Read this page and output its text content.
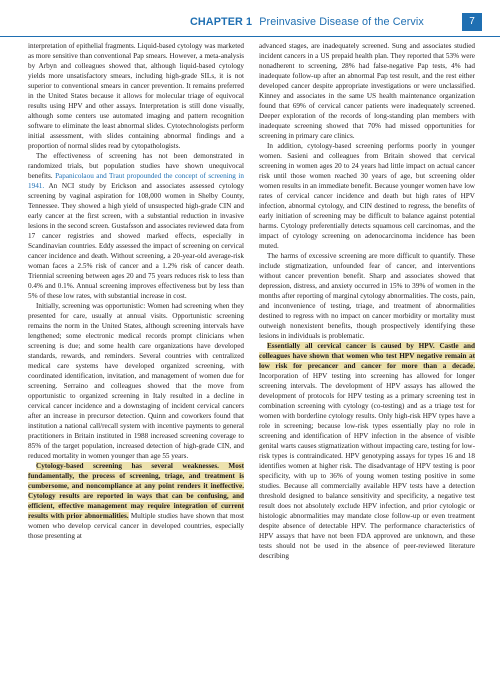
CHAPTER 1 Preinvasive Disease of the Cervix	7

interpretation of epithelial fragments. Liquid-based cytology was marketed as more sensitive than conventional Pap smears. However, a meta-analysis by Arbyn and colleagues showed that, although liquid-based cytology yields more unsatisfactory smears, including high-grade SILs, it is not superior to conventional smears in cancer prevention. It remains preferred in the United States because it allows for molecular triage of equivocal results using HPV and other assays. Interpretation is still done visually, although some centers use automated imaging and pattern recognition software to eliminate the least abnormal slides. Cytotechnologists perform initial assessment, with slides containing abnormal findings and a proportion of normal slides read by cytopathologists.

The effectiveness of screening has not been demonstrated in randomized trials, but population studies have shown unequivocal benefits. Papanicolaou and Traut propounded the concept of screening in 1941. An NCI study by Erickson and associates assessed cytology screening by vaginal aspiration for 108,000 women in Shelby County, Tennessee. They showed a high yield of unsuspected high-grade CIN and early cancer at the first screen, with a substantial reduction in invasive lesions in the second screen. Gustafsson and associates reviewed data from 17 cancer registries and showed marked effects, especially in Scandinavian countries. Eddy assessed the impact of screening on cervical cancer incidence and death. Without screening, a 20-year-old average-risk woman faces a 2.5% risk of cancer and a 1.2% risk of cancer death. Triennial screening between ages 20 and 75 years reduces risk to less than 0.4% and 0.1%. Annual screening improves effectiveness but by less than 5% of these low rates, with substantial increase in cost.

Initially, screening was opportunistic: Women had screening when they presented for care, usually at annual visits. Opportunistic screening remains the norm in the United States, although screening intervals have lengthened; some electronic medical records prompt clinicians when screening is due; and some health care organizations have developed standards, rewards, and reminders. Several countries with centralized medical care systems have developed organized screening, with coordinated identification, invitation, and management of women due for screening. Serraino and colleagues showed that the move from opportunistic to organized screening in Italy resulted in a decline in cervical cancer incidence and a downstaging of incident cervical cancers after an increase in precursor detection. Quinn and coworkers found that institution a national call/recall system with incentive payments to general practitioners in Britain instituted in 1988 increased screening coverage to 85% of the target population, increased detection of high-grade CIN, and reduced mortality in women younger than age 55 years.

Cytology-based screening has several weaknesses. Most fundamentally, the process of screening, triage, and treatment is cumbersome, and noncompliance at any point renders it ineffective. Cytology results are reported in ways that can be confusing, and efficient, effective management may require integration of current results with prior abnormalities. Multiple studies have shown that most women who develop cervical cancer in developed countries, especially those presenting at

advanced stages, are inadequately screened. Sung and associates studied incident cancers in a US prepaid health plan. They reported that 53% were nonadherent to screening, 28% had false-negative Pap tests, 4% had inadequate follow-up after an abnormal Pap test result, and the rest either developed cancer despite appropriate investigations or were unclassified. Kinney and associates in the same US health maintenance organization found that 69% of cervical cancer patients were inadequately screened. Deeper exploration of the records of long-standing plan members with inadequate screening showed that 70% had missed opportunities for screening in primary care clinics.

In addition, cytology-based screening performs poorly in younger women. Sasieni and colleagues from Britain showed that cervical screening in women ages 20 to 24 years had little impact on actual cancer risk until those women reached 30 years of age, but screening older women results in an immediate benefit. Because younger women have low rates of cervical cancer incidence and death but high rates of HPV infection, abnormal cytology, and CIN destined to regress, the benefits of early initiation of screening may be difficult to balance against potential harms. Cytology preferentially detects squamous cell carcinomas, and the impact of cytology screening on adenocarcinoma incidence has been muted.

The harms of excessive screening are more difficult to quantify. These include stigmatization, unfounded fear of cancer, and interventions without cancer prevention benefit. Sharp and associates showed that depression, distress, and anxiety occurred in 15% to 39% of women in the months after reporting of marginal cytology abnormalities. The costs, pain, and inconvenience of testing, triage, and treatment of abnormalities destined to regress with no impact on cancer morbidity or mortality must outweigh nonexistent benefits, though prospectively identifying these lesions in individuals is problematic.

Essentially all cervical cancer is caused by HPV. Castle and colleagues have shown that women who test HPV negative remain at low risk for precancer and cancer for more than a decade. Incorporation of HPV testing into screening has allowed for longer screening intervals. The development of HPV assays has allowed the development of protocols for HPV testing as a primary screening test in combination screening with cytology (co-testing) and as a triage test for women with borderline cytology results. Only high-risk HPV types have a role in screening; because low-risk types essentially play no role in screening and identification of HPV infection in the absence of visible genital warts causes stigmatization without impacting care, testing for low-risk types is contraindicated. HPV genotyping assays for types 16 and 18 identifies women at higher risk. The disadvantage of HPV testing is poor specificity, with up to 36% of young women testing positive in some studies. Because all commercially available HPV tests have a detection threshold designed to balance sensitivity and specificity, a negative test result does not absolutely exclude HPV infection, and prior cytologic or histologic abnormalities may mandate close follow-up or even treatment despite absence of detectable HPV. The performance characteristics of HPV assays that have not been FDA approved are unknown, and these tests should not be used in the absence of peer-reviewed literature describing
